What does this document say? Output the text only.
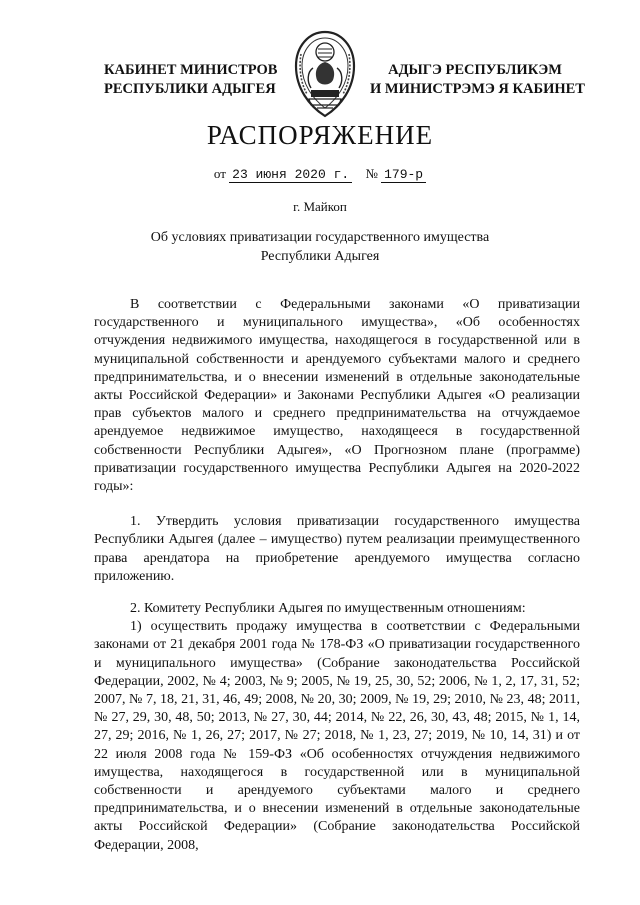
КАБИНЕТ МИНИСТРОВ
РЕСПУБЛИКИ АДЫГЕЯ
АДЫГЭ РЕСПУБЛИКЭМ
И МИНИСТРЭМЭ Я КАБИНЕТ
РАСПОРЯЖЕНИЕ
от 23 июня 2020 г. № 179-р
г. Майкоп
Об условиях приватизации государственного имущества
Республики Адыгея

В соответствии с Федеральными законами «О приватизации государственного и муниципального имущества», «Об особенностях отчуждения недвижимого имущества, находящегося в государственной или в муниципальной собственности и арендуемого субъектами малого и среднего предпринимательства, и о внесении изменений в отдельные законодательные акты Российской Федерации» и Законами Республики Адыгея «О реализации прав субъектов малого и среднего предпринимательства на отчуждаемое арендуемое недвижимое имущество, находящееся в государственной собственности Республики Адыгея», «О Прогнозном плане (программе) приватизации государственного имущества Республики Адыгея на 2020-2022 годы»:

1. Утвердить условия приватизации государственного имущества Республики Адыгея (далее – имущество) путем реализации преимущественного права арендатора на приобретение арендуемого имущества согласно приложению.

2. Комитету Республики Адыгея по имущественным отношениям:

1) осуществить продажу имущества в соответствии с Федеральными законами от 21 декабря 2001 года № 178-ФЗ «О приватизации государственного и муниципального имущества» (Собрание законодательства Российской Федерации, 2002, № 4; 2003, № 9; 2005, № 19, 25, 30, 52; 2006, № 1, 2, 17, 31, 52; 2007, № 7, 18, 21, 31, 46, 49; 2008, № 20, 30; 2009, № 19, 29; 2010, № 23, 48; 2011, № 27, 29, 30, 48, 50; 2013, № 27, 30, 44; 2014, № 22, 26, 30, 43, 48; 2015, № 1, 14, 27, 29; 2016, № 1, 26, 27; 2017, № 27; 2018, № 1, 23, 27; 2019, № 10, 14, 31) и от 22 июля 2008 года № 159-ФЗ «Об особенностях отчуждения недвижимого имущества, находящегося в государственной или в муниципальной собственности и арендуемого субъектами малого и среднего предпринимательства, и о внесении изменений в отдельные законодательные акты Российской Федерации» (Собрание законодательства Российской Федерации, 2008,
